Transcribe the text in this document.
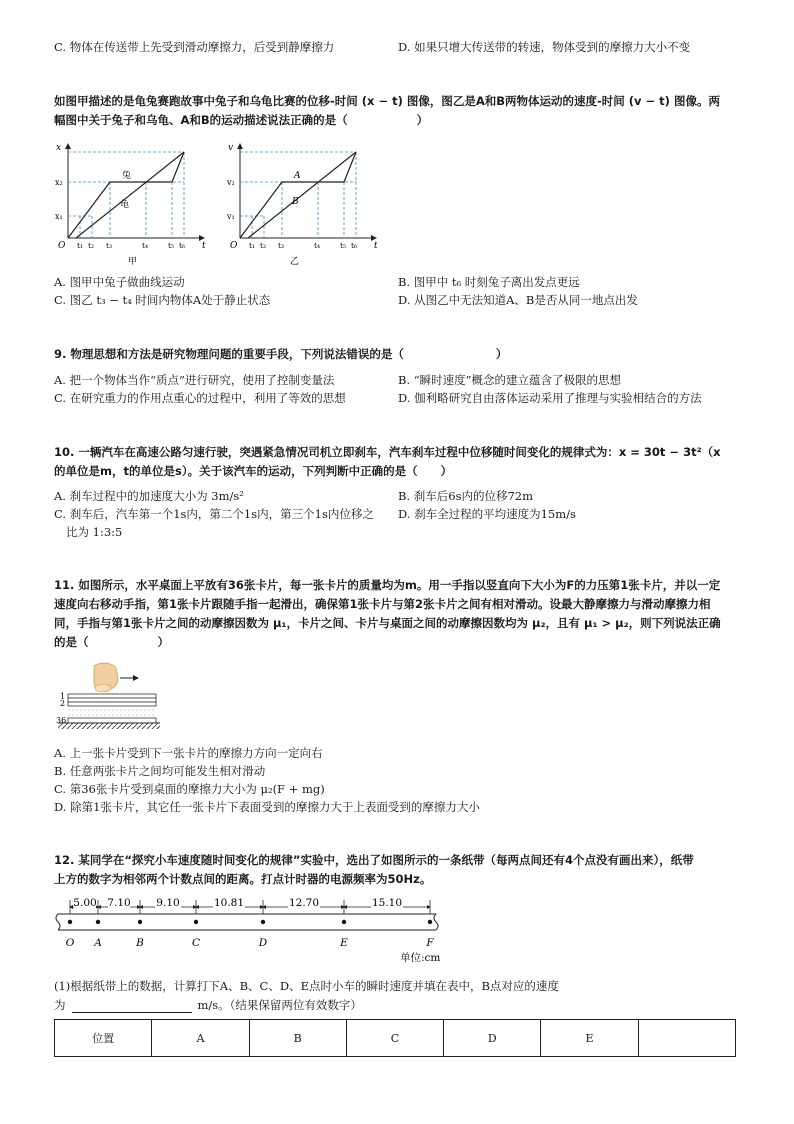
C. 物体在传送带上先受到滑动摩擦力，后受到静摩擦力	D. 如果只增大传送带的转速，物体受到的摩擦力大小不变
如图甲描述的是龟兔赛跑故事中兔子和乌龟比赛的位移-时间 (x − t) 图像，图乙是A和B两物体运动的速度-时间 (v − t) 图像。两
幅图中关于兔子和乌龟、A和B的运动描述说法正确的是（　　　　　　）
x
t
O
x₂
x₁
t₁ t₂ t₃	t₄	t₅ t₆
兔
龟
甲
v
t
O
v₂
v₁
t₁ t₂ t₃	t₄	t₅ t₆
A
B
乙
A. 图甲中兔子做曲线运动	B. 图甲中 t₆ 时刻兔子离出发点更远
C. 图乙 t₃ − t₄ 时间内物体A处于静止状态	D. 从图乙中无法知道A、B是否从同一地点出发
9. 物理思想和方法是研究物理问题的重要手段，下列说法错误的是（　　　　　　　　）
A. 把一个物体当作“质点”进行研究，使用了控制变量法	B. “瞬时速度”概念的建立蕴含了极限的思想
C. 在研究重力的作用点重心的过程中，利用了等效的思想	D. 伽利略研究自由落体运动采用了推理与实验相结合的方法
10. 一辆汽车在高速公路匀速行驶，突遇紧急情况司机立即刹车，汽车刹车过程中位移随时间变化的规律式为：x = 30t − 3t²（x
的单位是m，t的单位是s）。关于该汽车的运动，下列判断中正确的是（　　）
A. 刹车过程中的加速度大小为 3m/s²	B. 刹车后6s内的位移72m
C. 刹车后，汽车第一个1s内，第二个1s内，第三个1s内位移之 D. 刹车全过程的平均速度为15m/s
比为 1:3:5
11. 如图所示，水平桌面上平放有36张卡片，每一张卡片的质量均为m。用一手指以竖直向下大小为F的力压第1张卡片，并以一定
速度向右移动手指，第1张卡片跟随手指一起滑出，确保第1张卡片与第2张卡片之间有相对滑动。设最大静摩擦力与滑动摩擦力相
同，手指与第1张卡片之间的动摩擦因数为 μ₁，卡片之间、卡片与桌面之间的动摩擦因数均为 μ₂，且有 μ₁ > μ₂，则下列说法正确
的是（　　　　　　）
1
2
36
A. 上一张卡片受到下一张卡片的摩擦力方向一定向右
B. 任意两张卡片之间均可能发生相对滑动
C. 第36张卡片受到桌面的摩擦力大小为 μ₂(F + mg)
D. 除第1张卡片，其它任一张卡片下表面受到的摩擦力大于上表面受到的摩擦力大小
12. 某同学在“探究小车速度随时间变化的规律”实验中，选出了如图所示的一条纸带（每两点间还有4个点没有画出来），纸带
上方的数字为相邻两个计数点间的距离。打点计时器的电源频率为50Hz。
5.00 7.10 9.10	10.81	12.70	15.10
O A	B	C	D	E	F
单位:cm
(1)根据纸带上的数据，计算打下A、B、C、D、E点时小车的瞬时速度并填在表中，B点对应的速度
为	m/s。（结果保留两位有效数字）
位置	A	B	C	D	E	
